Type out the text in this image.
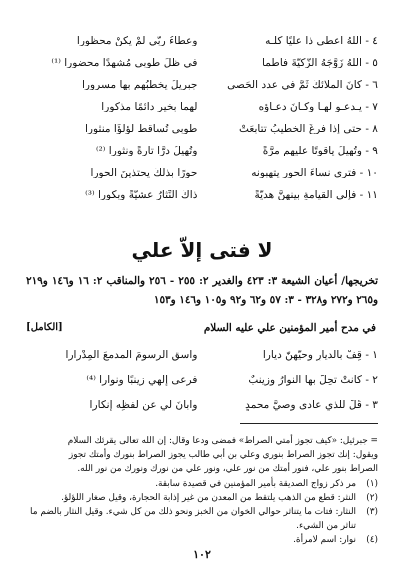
٤ - اللهُ أعطى ذا عليًا كلَّـه
وعطاءُ ربّي لمْ يكنْ محظورا
٥ - اللهُ زَوَّجَهُ الزَّكيّةَ فاطما
في ظلِّ طوبى مُشهدًا محضورا ⁽¹⁾
٦ - كانَ الملائكُ ثَمَّ في عدد الحَصى
جبريلُ يخطبُهم بها مسرورا
٧ - يـدعـو لهـا وكـانَ دعـاؤه
لهما بخيرٍ دائمًا مذكورا
٨ - حتى إذا فرغَ الخطيبُ تتابعَتْ
طوبى تُساقطُ لؤلؤًا منثورا
٩ - وتُهيلُ ياقوتًا عليهم مرَّةً
وتُهيلُ درًّا تارةً ونثورا ⁽²⁾
١٠ - فترى نساءَ الحورِ يتهبونه
حورًا بذلكَ يحتذينَ الحورا
١١ - فإلى القيامةِ بينهنَّ هديَّةً
ذاكَ النِّثارُ عشيَّةً وبكورا ⁽³⁾
لا فتى إلاّ علي
تخريجها/ أعيان الشيعة ٣: ٤٢٣ والغدير ٢: ٢٥٥ - ٢٥٦ والمناقب ٢: ١٦ و١٤٦ و٢١٩ و٢٦٥ و٢٧٢ و٣٢٨ - ٣: ٥٧ و٦٢ و٩٢ و١٠٥ و١٤٦ و١٥٣
في مدح أمير المؤمنين علي عليه السلام
[الكامل]
١ - قِفْ بالديارِ وحيّهنّ ديارا
واسقِ الرسومَ المدمعَ المِدْرارا
٢ - كانتْ تحِلُّ بها النوارُ وزينبٌ
فرعى إلهي زينبًا ونوارا ⁽⁴⁾
٣ - قُلْ للذي عادى وصيَّ محمدٍ
وأبانَ لي عن لفظِه إنكارا

= جبرئيل: «كيف تجوز أمتي الصراط» فمضى ودعا وقال: إن الله تعالى يقرئك السلام

ويقول: إنك تجوز الصراط بنوري وعلي بن أبي طالب يجوز الصراط بنورك وأمتك تجوز

الصراط بنور علي، فنور أمتك من نور علي، ونور علي من نورك ونورك من نور الله.

(١)
مر ذكر زواج الصديقة بأمير المؤمنين في قصيدة سابقة.
(٢)
النثر: قطع من الذهب يلتقط من المعدن من غير إذابة الحجارة، وقيل صغار اللؤلؤ.
(٣)
النثار: فتات ما يتناثر حوالي الخوان من الخبز ونحو ذلك من كل شيء. وقيل النثار بالضم ما تناثر من الشيء.
(٤)
نوار: اسم لامرأة.
١٠٢
